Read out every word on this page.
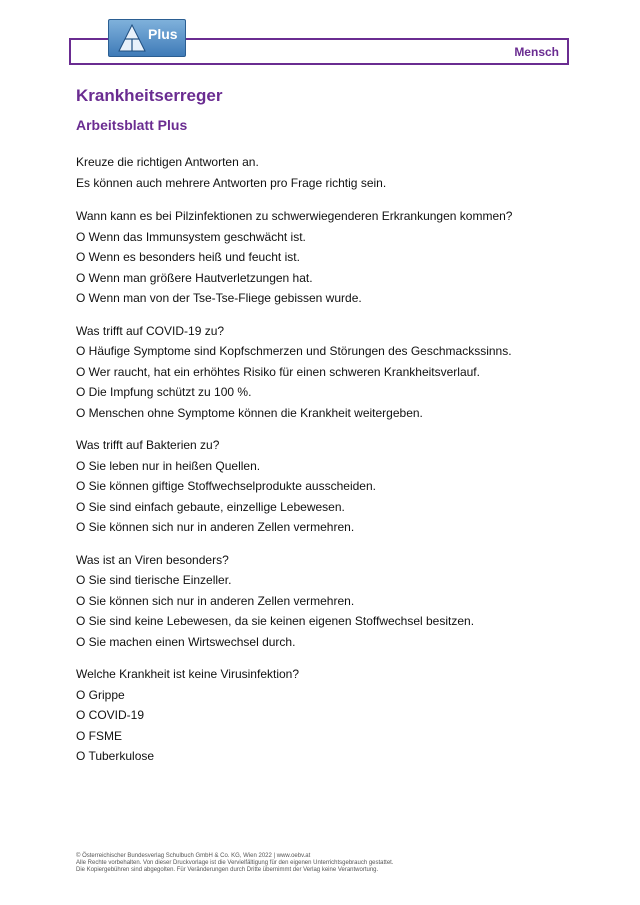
Mensch
Plus
Krankheitserreger
Arbeitsblatt Plus
Kreuze die richtigen Antworten an.
Es können auch mehrere Antworten pro Frage richtig sein.
Wann kann es bei Pilzinfektionen zu schwerwiegenderen Erkrankungen kommen?
O Wenn das Immunsystem geschwächt ist.
O Wenn es besonders heiß und feucht ist.
O Wenn man größere Hautverletzungen hat.
O Wenn man von der Tse-Tse-Fliege gebissen wurde.
Was trifft auf COVID-19 zu?
O Häufige Symptome sind Kopfschmerzen und Störungen des Geschmackssinns.
O Wer raucht, hat ein erhöhtes Risiko für einen schweren Krankheitsverlauf.
O Die Impfung schützt zu 100 %.
O Menschen ohne Symptome können die Krankheit weitergeben.
Was trifft auf Bakterien zu?
O Sie leben nur in heißen Quellen.
O Sie können giftige Stoffwechselprodukte ausscheiden.
O Sie sind einfach gebaute, einzellige Lebewesen.
O Sie können sich nur in anderen Zellen vermehren.
Was ist an Viren besonders?
O Sie sind tierische Einzeller.
O Sie können sich nur in anderen Zellen vermehren.
O Sie sind keine Lebewesen, da sie keinen eigenen Stoffwechsel besitzen.
O Sie machen einen Wirtswechsel durch.
Welche Krankheit ist keine Virusinfektion?
O Grippe
O COVID-19
O FSME
O Tuberkulose
© Österreichischer Bundesverlag Schulbuch GmbH & Co. KG, Wien 2022 | www.oebv.at
Alle Rechte vorbehalten. Von dieser Druckvorlage ist die Vervielfältigung für den eigenen Unterrichtsgebrauch gestattet.
Die Kopiergebühren sind abgegolten. Für Veränderungen durch Dritte übernimmt der Verlag keine Verantwortung.
